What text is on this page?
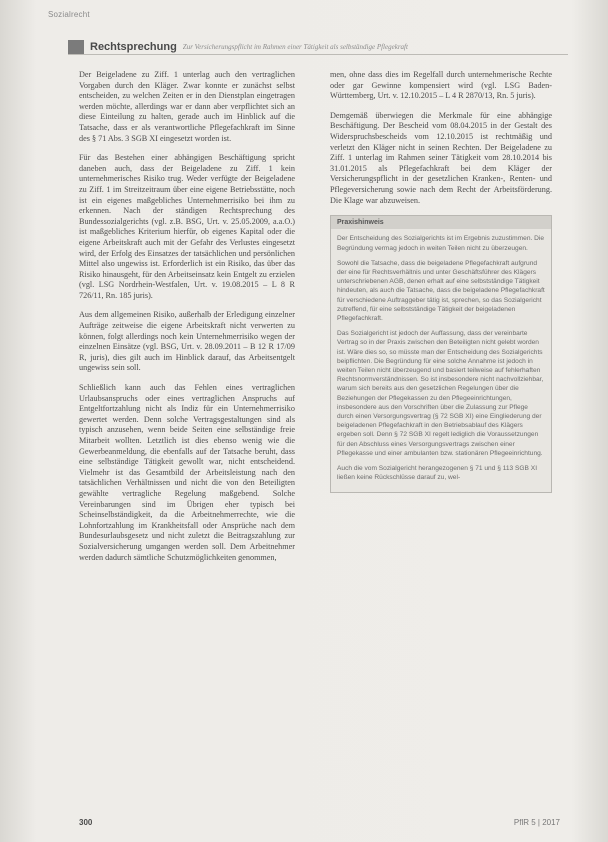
Sozialrecht
Rechtsprechung Zur Versicherungspflicht im Rahmen einer Tätigkeit als selbständige Pflegekraft

Der Beigeladene zu Ziff. 1 unterlag auch den vertraglichen Vorgaben durch den Kläger. Zwar konnte er zunächst selbst entscheiden, zu welchen Zeiten er in den Dienstplan eingetragen werden möchte, allerdings war er dann aber verpflichtet sich an diese Einteilung zu halten, gerade auch im Hinblick auf die Tatsache, dass er als verantwortliche Pflegefachkraft im Sinne des § 71 Abs. 3 SGB XI eingesetzt worden ist.

Für das Bestehen einer abhängigen Beschäftigung spricht daneben auch, dass der Beigeladene zu Ziff. 1 kein unternehmerisches Risiko trug. Weder verfügte der Beigeladene zu Ziff. 1 im Streitzeitraum über eine eigene Betriebsstätte, noch ist ein eigenes maßgebliches Unternehmerrisiko bei ihm zu erkennen. Nach der ständigen Rechtsprechung des Bundessozialgerichts (vgl. z.B. BSG, Urt. v. 25.05.2009, a.a.O.) ist maßgebliches Kriterium hierfür, ob eigenes Kapital oder die eigene Arbeitskraft auch mit der Gefahr des Verlustes eingesetzt wird, der Erfolg des Einsatzes der tatsächlichen und persönlichen Mittel also ungewiss ist. Erforderlich ist ein Risiko, das über das Risiko hinausgeht, für den Arbeitseinsatz kein Entgelt zu erzielen (vgl. LSG Nordrhein-Westfalen, Urt. v. 19.08.2015 – L 8 R 726/11, Rn. 185 juris).

Aus dem allgemeinen Risiko, außerhalb der Erledigung einzelner Aufträge zeitweise die eigene Arbeitskraft nicht verwerten zu können, folgt allerdings noch kein Unternehmerrisiko wegen der einzelnen Einsätze (vgl. BSG, Urt. v. 28.09.2011 – B 12 R 17/09 R, juris), dies gilt auch im Hinblick darauf, das Arbeitsentgelt ungewiss sein soll.

Schließlich kann auch das Fehlen eines vertraglichen Urlaubsanspruchs oder eines vertraglichen Anspruchs auf Entgeltfortzahlung nicht als Indiz für ein Unternehmerrisiko gewertet werden. Denn solche Vertragsgestaltungen sind als typisch anzusehen, wenn beide Seiten eine selbständige freie Mitarbeit wollten. Letztlich ist dies ebenso wenig wie die Gewerbeanmeldung, die ebenfalls auf der Tatsache beruht, dass eine selbständige Tätigkeit gewollt war, nicht entscheidend. Vielmehr ist das Gesamtbild der Arbeitsleistung nach den tatsächlichen Verhältnissen und nicht die von den Beteiligten gewählte vertragliche Regelung maßgebend. Solche Vereinbarungen sind im Übrigen eher typisch bei Scheinselbständigkeit, da die Arbeitnehmerrechte, wie die Lohnfortzahlung im Krankheitsfall oder Ansprüche nach dem Bundesurlaubsgesetz und nicht zuletzt die Beitragszahlung zur Sozialversicherung umgangen werden soll. Dem Arbeitnehmer werden dadurch sämtliche Schutzmöglichkeiten genommen,

men, ohne dass dies im Regelfall durch unternehmerische Rechte oder gar Gewinne kompensiert wird (vgl. LSG Baden-Württemberg, Urt. v. 12.10.2015 – L 4 R 2870/13, Rn. 5 juris).

Demgemäß überwiegen die Merkmale für eine abhängige Beschäftigung. Der Bescheid vom 08.04.2015 in der Gestalt des Widerspruchsbescheids vom 12.10.2015 ist rechtmäßig und verletzt den Kläger nicht in seinen Rechten. Der Beigeladene zu Ziff. 1 unterlag im Rahmen seiner Tätigkeit vom 28.10.2014 bis 31.01.2015 als Pflegefachkraft bei dem Kläger der Versicherungspflicht in der gesetzlichen Kranken-, Renten- und Pflegeversicherung sowie nach dem Recht der Arbeitsförderung. Die Klage war abzuweisen.

Praxishinweis

Der Entscheidung des Sozialgerichts ist im Ergebnis zuzustimmen. Die Begründung vermag jedoch in weiten Teilen nicht zu überzeugen.

Sowohl die Tatsache, dass die beigeladene Pflegefachkraft aufgrund der eine für Rechtsverhältnis und unter Geschäftsführer des Klägers unterschriebenen AGB, denen erhalt auf eine selbstständige Tätigkeit hindeuten, als auch die Tatsache, dass die beigeladene Pflegefachkraft für verschiedene Auftraggeber tätig ist, sprechen, so das Sozialgericht zutreffend, für eine selbstständige Tätigkeit der beigeladenen Pflegefachkraft.

Das Sozialgericht ist jedoch der Auffassung, dass der vereinbarte Vertrag so in der Praxis zwischen den Beteiligten nicht gelebt worden ist. Wäre dies so, so müsste man der Entscheidung des Sozialgerichts beipflichten. Die Begründung für eine solche Annahme ist jedoch in weiten Teilen nicht überzeugend und basiert teilweise auf fehlerhaften Rechtsnormverständnissen. So ist insbesondere nicht nachvollziehbar, warum sich bereits aus den gesetzlichen Regelungen über die Beziehungen der Pflegekassen zu den Pflegeeinrichtungen, insbesondere aus den Vorschriften über die Zulassung zur Pflege durch einen Versorgungsvertrag (§ 72 SGB XI) eine Eingliederung der beigeladenen Pflegefachkraft in den Betriebsablauf des Klägers ergeben soll. Denn § 72 SGB XI regelt lediglich die Voraussetzungen für den Abschluss eines Versorgungsvertrags zwischen einer Pflegekasse und einer ambulanten bzw. stationären Pflegeeinrichtung.

Auch die vom Sozialgericht herangezogenen § 71 und § 113 SGB XI ließen keine Rückschlüsse darauf zu, wel-

300	PflR 5 | 2017
